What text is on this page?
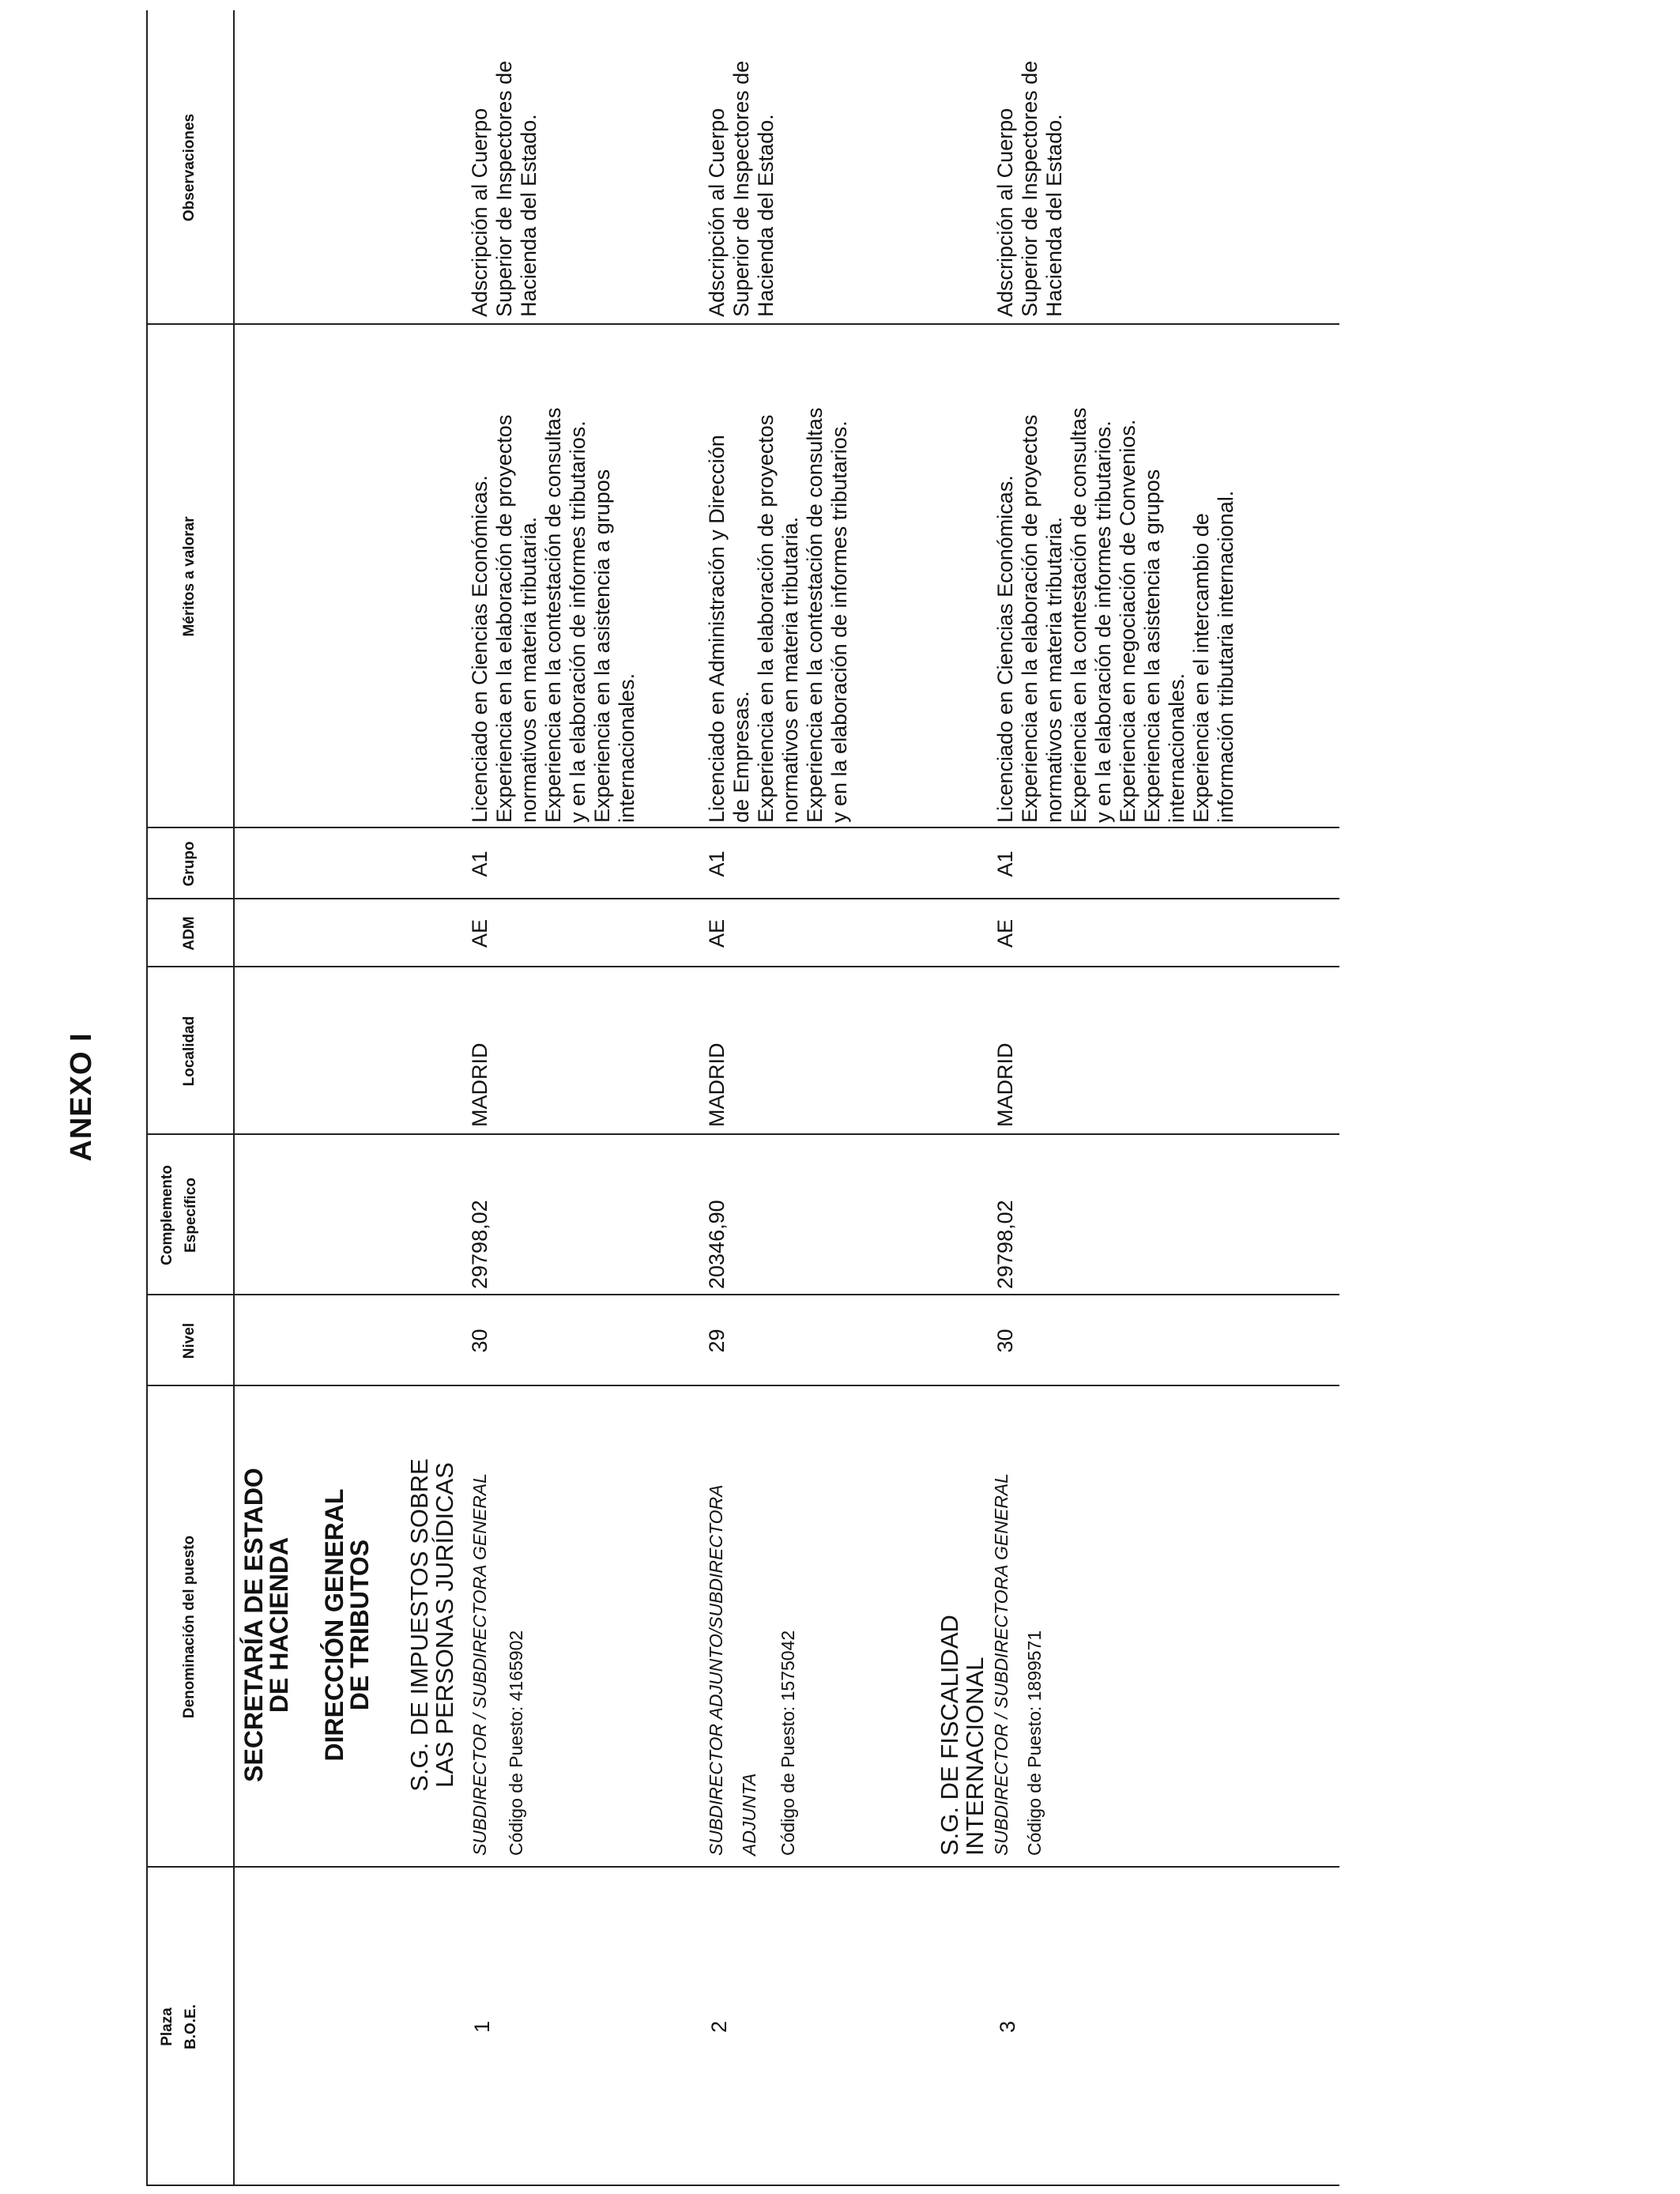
ANEXO I
Plaza B.O.E.
Denominación del puesto
Nivel
Complemento Específico
Localidad
ADM
Grupo
Méritos a valorar
Observaciones
SECRETARÍA DE ESTADO
DE HACIENDA DIRECCIÓN GENERAL
DE TRIBUTOS S.G. DE IMPUESTOS SOBRE
LAS PERSONAS JURÍDICAS
1
SUBDIRECTOR / SUBDIRECTORA GENERAL Código de Puesto: 4165902
30
29798,02
MADRID
AE
A1
Licenciado en Ciencias Económicas.
Experiencia en la elaboración de proyectos
normativos en materia tributaria.
Experiencia en la contestación de consultas
y en la elaboración de informes tributarios.
Experiencia en la asistencia a grupos
internacionales.
Adscripción al Cuerpo
Superior de Inspectores de
Hacienda del Estado.
2
SUBDIRECTOR ADJUNTO/SUBDIRECTORA ADJUNTA	Código de Puesto: 1575042
29
20346,90
MADRID
AE
A1
Licenciado en Administración y Dirección
de Empresas.
Experiencia en la elaboración de proyectos
normativos en materia tributaria.
Experiencia en la contestación de consultas
y en la elaboración de informes tributarios.
Adscripción al Cuerpo
Superior de Inspectores de
Hacienda del Estado.
S.G. DE FISCALIDAD
INTERNACIONAL
3
SUBDIRECTOR / SUBDIRECTORA GENERAL Código de Puesto: 1899571
30
29798,02
MADRID
AE
A1
Licenciado en Ciencias Económicas.
Experiencia en la elaboración de proyectos
normativos en materia tributaria.
Experiencia en la contestación de consultas
y en la elaboración de informes tributarios.
Experiencia en negociación de Convenios.
Experiencia en la asistencia a grupos
internacionales.
Experiencia en el intercambio de
información tributaria internacional.
Adscripción al Cuerpo
Superior de Inspectores de
Hacienda del Estado.
